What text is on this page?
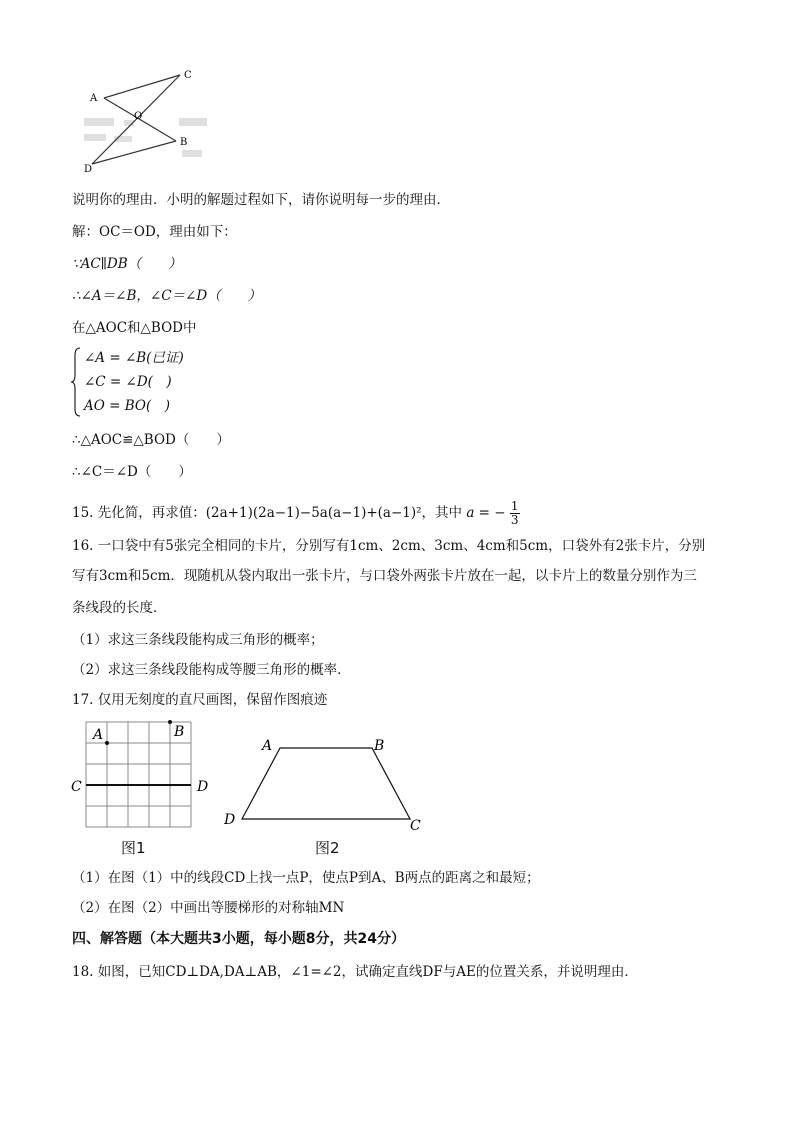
A
C
O
B
D
说明你的理由．小明的解题过程如下，请你说明每一步的理由．
解：OC＝OD，理由如下：
∵AC∥DB（　　）
∴∠A＝∠B，∠C＝∠D（　　）
在△AOC和△BOD中
∠A = ∠B(已证)
∠C = ∠D(　)
AO = BO(　)
∴△AOC≌△BOD（　　）
∴∠C＝∠D（　　）
15. 先化简，再求值：(2a+1)(2a−1)−5a(a−1)+(a−1)²，其中 a = − $\frac{1}{3}$
16. 一口袋中有5张完全相同的卡片，分别写有1cm、2cm、3cm、4cm和5cm，口袋外有2张卡片，分别
写有3cm和5cm．现随机从袋内取出一张卡片，与口袋外两张卡片放在一起，以卡片上的数量分别作为三
条线段的长度．
（1）求这三条线段能构成三角形的概率；
（2）求这三条线段能构成等腰三角形的概率．
17. 仅用无刻度的直尺画图，保留作图痕迹
A	B
C	D
图1
A	B
D	C
图2
（1）在图（1）中的线段CD上找一点P，使点P到A、B两点的距离之和最短；
（2）在图（2）中画出等腰梯形的对称轴MN
四、解答题（本大题共3小题，每小题8分，共24分）
18. 如图，已知CD⊥DA,DA⊥AB，∠1=∠2，试确定直线DF与AE的位置关系，并说明理由．
